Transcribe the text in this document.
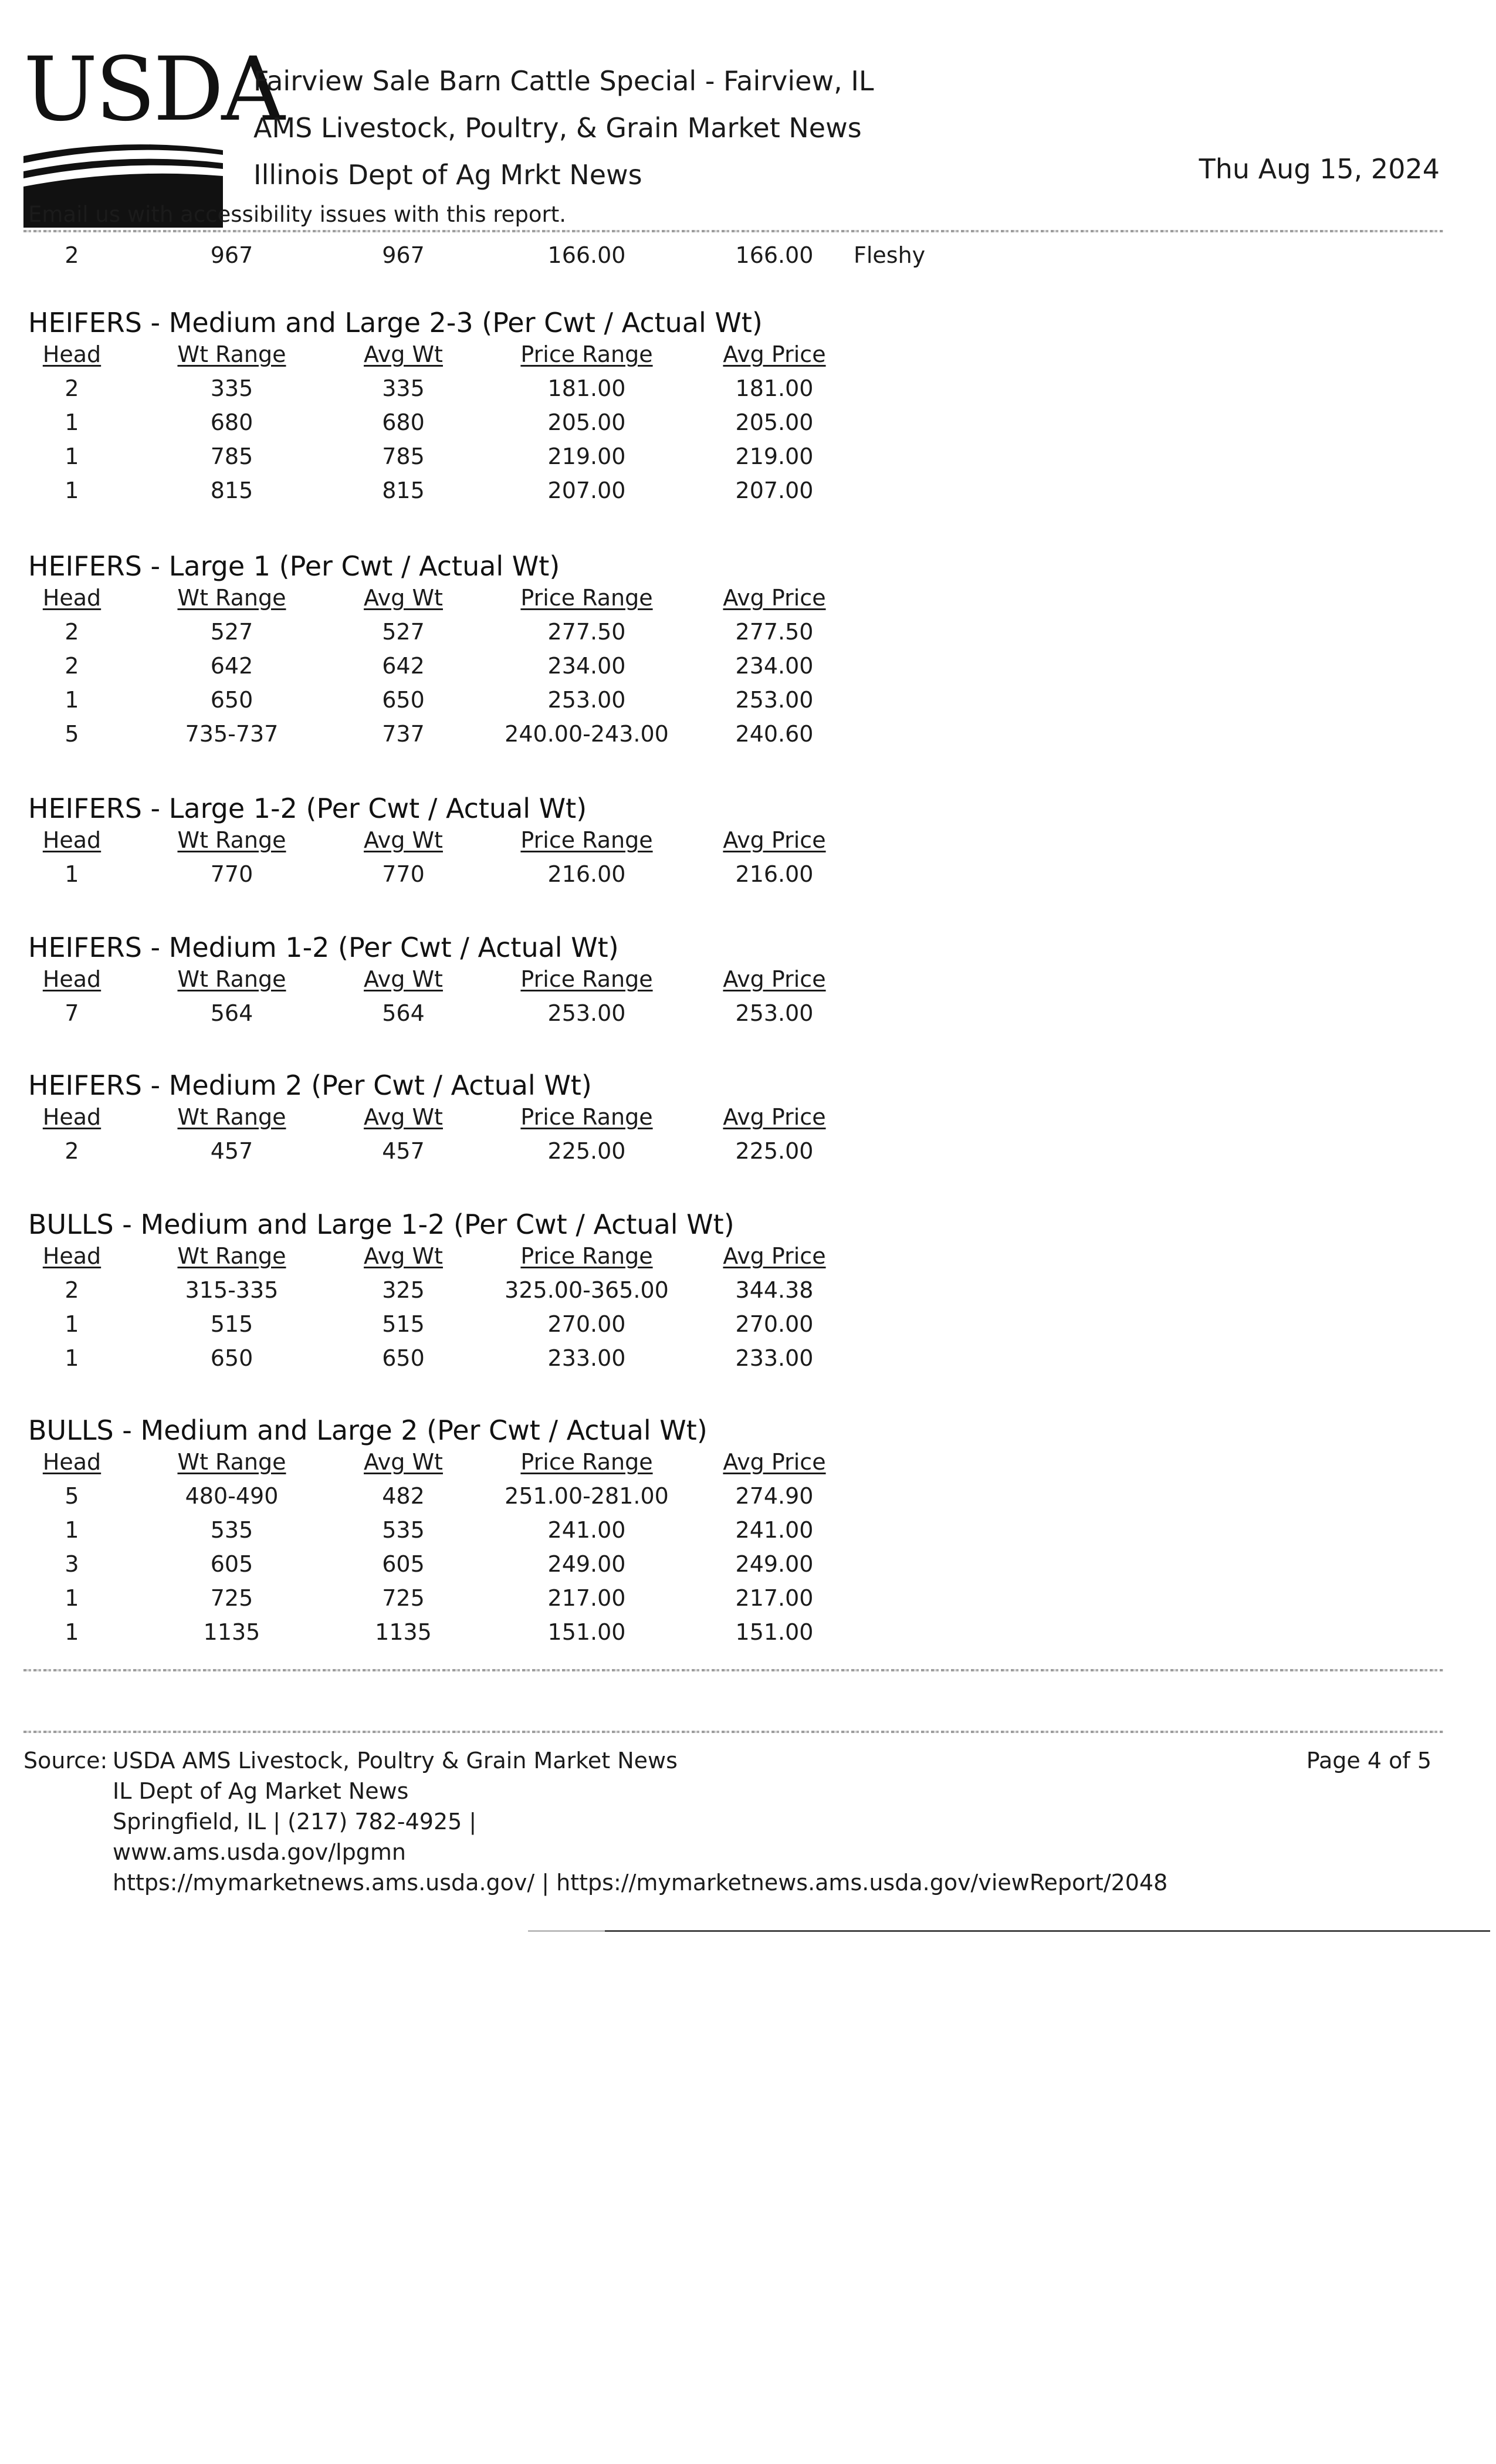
USDA
Fairview Sale Barn Cattle Special - Fairview, IL
AMS Livestock, Poultry, & Grain Market News
Illinois Dept of Ag Mrkt News	Thu Aug 15, 2024
Email us with accessibility issues with this report.
2	967	967	166.00	166.00	Fleshy
HEIFERS - Medium and Large 2-3 (Per Cwt / Actual Wt)
Head	Wt Range	Avg Wt	Price Range	Avg Price
2	335	335	181.00	181.00
1	680	680	205.00	205.00
1	785	785	219.00	219.00
1	815	815	207.00	207.00
HEIFERS - Large 1 (Per Cwt / Actual Wt)
Head	Wt Range	Avg Wt	Price Range	Avg Price
2	527	527	277.50	277.50
2	642	642	234.00	234.00
1	650	650	253.00	253.00
5	735-737	737	240.00-243.00	240.60
HEIFERS - Large 1-2 (Per Cwt / Actual Wt)
Head	Wt Range	Avg Wt	Price Range	Avg Price
1	770	770	216.00	216.00
HEIFERS - Medium 1-2 (Per Cwt / Actual Wt)
Head	Wt Range	Avg Wt	Price Range	Avg Price
7	564	564	253.00	253.00
HEIFERS - Medium 2 (Per Cwt / Actual Wt)
Head	Wt Range	Avg Wt	Price Range	Avg Price
2	457	457	225.00	225.00
BULLS - Medium and Large 1-2 (Per Cwt / Actual Wt)
Head	Wt Range	Avg Wt	Price Range	Avg Price
2	315-335	325	325.00-365.00	344.38
1	515	515	270.00	270.00
1	650	650	233.00	233.00
BULLS - Medium and Large 2 (Per Cwt / Actual Wt)
Head	Wt Range	Avg Wt	Price Range	Avg Price
5	480-490	482	251.00-281.00	274.90
1	535	535	241.00	241.00
3	605	605	249.00	249.00
1	725	725	217.00	217.00
1	1135	1135	151.00	151.00
Source: USDA AMS Livestock, Poultry & Grain Market News
IL Dept of Ag Market News
Springfield, IL | (217) 782-4925 |
www.ams.usda.gov/lpgmn
https://mymarketnews.ams.usda.gov/ | https://mymarketnews.ams.usda.gov/viewReport/2048
Page 4 of 5
